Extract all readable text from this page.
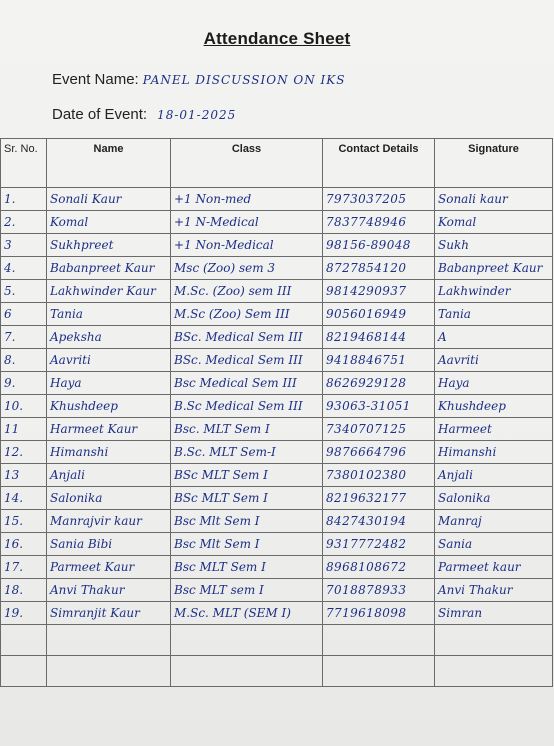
Attendance Sheet
Event Name: PANEL DISCUSSION ON IKS
Date of Event: 18-01-2025
Sr. No.	Name	Class	Contact Details	Signature
1.	Sonali Kaur	+1 Non-med	7973037205	Sonali kaur
2.	Komal	+1 N-Medical	7837748946	Komal
3	Sukhpreet	+1 Non-Medical	98156-89048	Sukh
4.	Babanpreet Kaur	Msc (Zoo) sem 3	8727854120	Babanpreet Kaur
5.	Lakhwinder Kaur	M.Sc. (Zoo) sem III	9814290937	Lakhwinder
6	Tania	M.Sc (Zoo) Sem III	9056016949	Tania
7.	Apeksha	BSc. Medical Sem III	8219468144	A
8.	Aavriti	BSc. Medical Sem III	9418846751	Aavriti
9.	Haya	Bsc Medical Sem III	8626929128	Haya
10.	Khushdeep	B.Sc Medical Sem III	93063-31051	Khushdeep
11	Harmeet Kaur	Bsc. MLT Sem I	7340707125	Harmeet
12.	Himanshi	B.Sc. MLT Sem-I	9876664796	Himanshi
13	Anjali	BSc MLT Sem I	7380102380	Anjali
14.	Salonika	BSc MLT Sem I	8219632177	Salonika
15.	Manrajvir kaur	Bsc Mlt Sem I	8427430194	Manraj
16.	Sania Bibi	Bsc Mlt Sem I	9317772482	Sania
17.	Parmeet Kaur	Bsc MLT Sem I	8968108672	Parmeet kaur
18.	Anvi Thakur	Bsc MLT sem I	7018878933	Anvi Thakur
19.	Simranjit Kaur	M.Sc. MLT (SEM I)	7719618098	Simran
